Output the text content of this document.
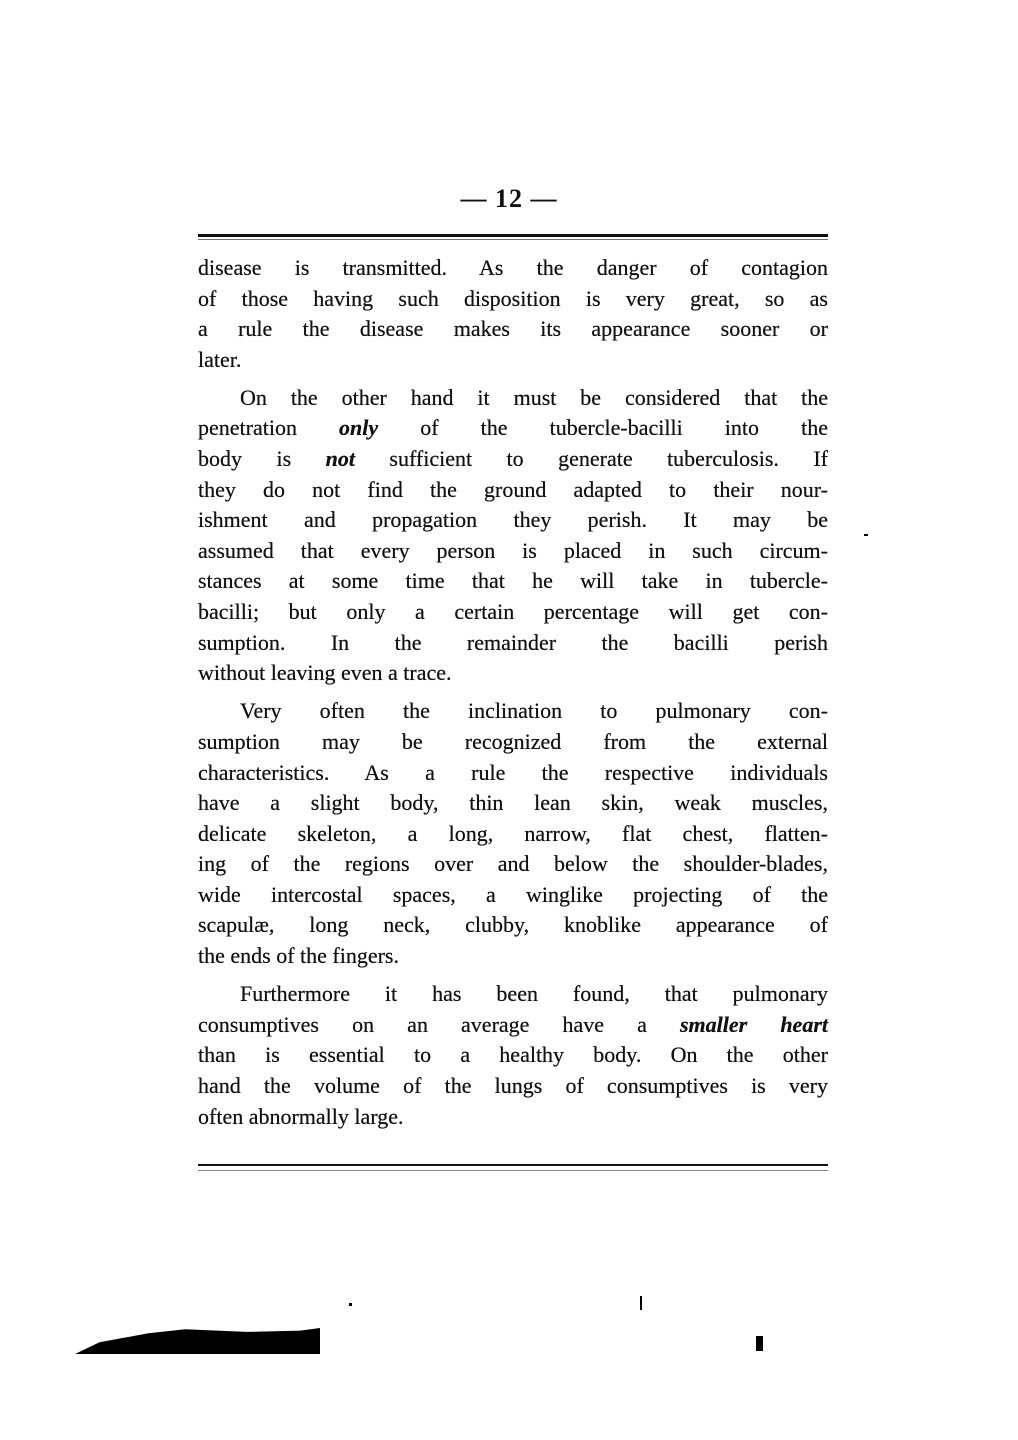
— 12 —
disease is transmitted. As the danger of contagion
of those having such disposition is very great, so as
a rule the disease makes its appearance sooner or
later.
On the other hand it must be considered that the
penetration only of the tubercle-bacilli into the
body is not sufficient to generate tuberculosis. If
they do not find the ground adapted to their nour-
ishment and propagation they perish. It may be
assumed that every person is placed in such circum-
stances at some time that he will take in tubercle-
bacilli; but only a certain percentage will get con-
sumption. In the remainder the bacilli perish
without leaving even a trace.
Very often the inclination to pulmonary con-
sumption may be recognized from the external
characteristics. As a rule the respective individuals
have a slight body, thin lean skin, weak muscles,
delicate skeleton, a long, narrow, flat chest, flatten-
ing of the regions over and below the shoulder-blades,
wide intercostal spaces, a winglike projecting of the
scapulæ, long neck, clubby, knoblike appearance of
the ends of the fingers.
Furthermore it has been found, that pulmonary
consumptives on an average have a smaller heart
than is essential to a healthy body. On the other
hand the volume of the lungs of consumptives is very
often abnormally large.
